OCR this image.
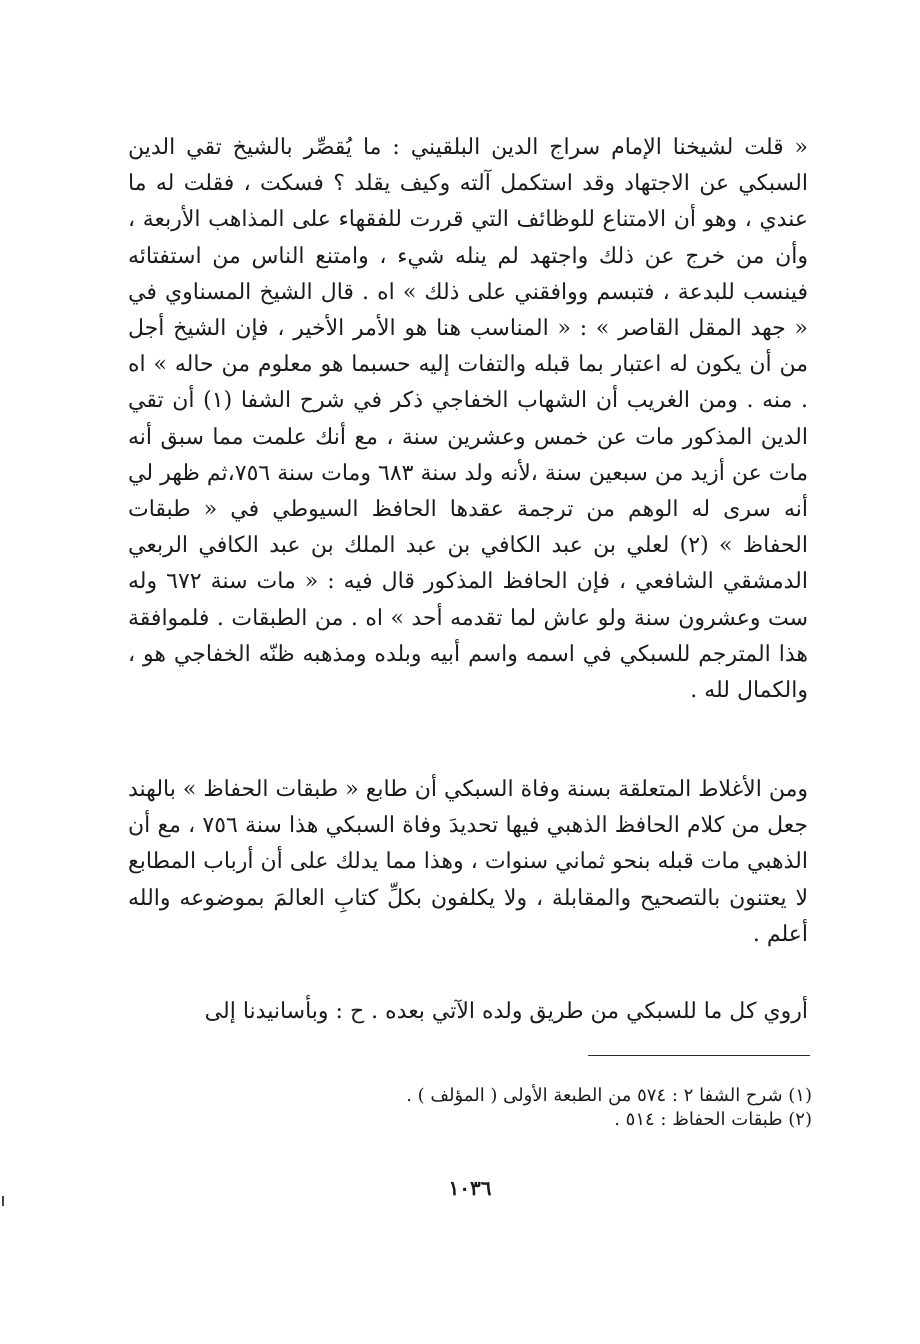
« قلت لشيخنا الإمام سراج الدين البلقيني : ما يُقصِّر بالشيخ تقي الدين السبكي عن الاجتهاد وقد استكمل آلته وكيف يقلد ؟ فسكت ، فقلت له ما عندي ، وهو أن الامتناع للوظائف التي قررت للفقهاء على المذاهب الأربعة ، وأن من خرج عن ذلك واجتهد لم ينله شيء ، وامتنع الناس من استفتائه فينسب للبدعة ، فتبسم ووافقني على ذلك » اه . قال الشيخ المسناوي في « جهد المقل القاصر » : « المناسب هنا هو الأمر الأخير ، فإن الشيخ أجل من أن يكون له اعتبار بما قبله والتفات إليه حسبما هو معلوم من حاله » اه . منه . ومن الغريب أن الشهاب الخفاجي ذكر في شرح الشفا (١) أن تقي الدين المذكور مات عن خمس وعشرين سنة ، مع أنك علمت مما سبق أنه مات عن أزيد من سبعين سنة ،لأنه ولد سنة ٦٨٣ ومات سنة ٧٥٦،ثم ظهر لي أنه سرى له الوهم من ترجمة عقدها الحافظ السيوطي في « طبقات الحفاظ » (٢) لعلي بن عبد الكافي بن عبد الملك بن عبد الكافي الربعي الدمشقي الشافعي ، فإن الحافظ المذكور قال فيه : « مات سنة ٦٧٢ وله ست وعشرون سنة ولو عاش لما تقدمه أحد » اه . من الطبقات . فلموافقة هذا المترجم للسبكي في اسمه واسم أبيه وبلده ومذهبه ظنّه الخفاجي هو ، والكمال لله .

ومن الأغلاط المتعلقة بسنة وفاة السبكي أن طابع « طبقات الحفاظ » بالهند جعل من كلام الحافظ الذهبي فيها تحديدَ وفاة السبكي هذا سنة ٧٥٦ ، مع أن الذهبي مات قبله بنحو ثماني سنوات ، وهذا مما يدلك على أن أرباب المطابع لا يعتنون بالتصحيح والمقابلة ، ولا يكلفون بكلِّ كتابِ العالمَ بموضوعه والله أعلم .

أروي كل ما للسبكي من طريق ولده الآتي بعده . ح : وبأسانيدنا إلى

(١) شرح الشفا ٢ : ٥٧٤ من الطبعة الأولى ( المؤلف ) .
(٢) طبقات الحفاظ : ٥١٤ .
١٠٣٦
